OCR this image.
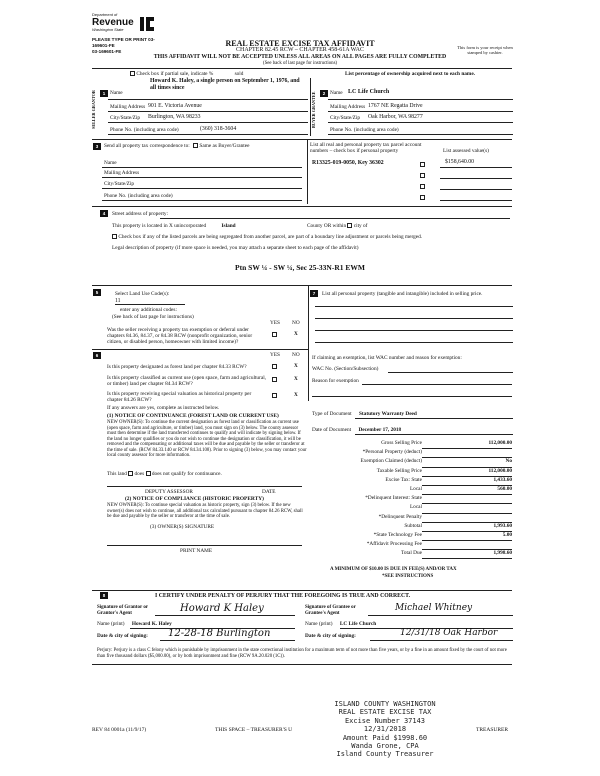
Department of
Revenue
Washington State
PLEASE TYPE OR PRINT 03-
169601-FE
03-169601-FE
REAL ESTATE EXCISE TAX AFFIDAVIT
CHAPTER 82.45 RCW – CHAPTER 458-61A WAC
THIS AFFIDAVIT WILL NOT BE ACCEPTED UNLESS ALL AREAS ON ALL PAGES ARE FULLY COMPLETED
(See back of last page for instructions)
This form is your receipt when stamped by cashier.
Check box if partial sale, indicate %	sold	List percentage of ownership acquired next to each name.
SELLER GRANTOR	1 Name
Howard K. Haley, a single person on September 1, 1976, and all times since
Mailing Address 901 E. Victoria Avenue
City/State/Zip Burlington, WA 98233
Phone No. (including area code)	(360) 318-3604
BUYER GRANTEE	2 Name LC Life Church
Mailing Address 1767 NE Regatta Drive
City/State/Zip Oak Harbor, WA 98277
Phone No. (including area code)
3	Send all property tax correspondence to: Same as Buyer/Grantee
Name
Mailing Address
City/State/Zip
Phone No. (including area code)
List all real and personal property tax parcel account numbers – check box if personal property	List assessed value(s)
R13325-019-0050, Key 36302	$158,640.00

4	Street address of property:
This property is located in X unincorporated	Island	County OR within city of
Check box if any of the listed parcels are being segregated from another parcel, are part of a boundary line adjustment or parcels being merged.
Legal description of property (if more space is needed, you may attach a separate sheet to each page of the affidavit)
Ptn SW ¼ - SW ¼, Sec 25-33N-R1 EWM
5	Select Land Use Code(s):
11
enter any additional codes:
(See back of last page for instructions)
YES NO
Was the seller receiving a property tax exemption or deferral under chapters 84.36, 84.37, or 84.38 RCW (nonprofit organization, senior citizen, or disabled person, homeowner with limited income)?
X
7	List all personal property (tangible and intangible) included in selling price.
6	YES NO
Is this property designated as forest land per chapter 84.33 RCW?	X
Is this property classified as current use (open space, farm and agricultural, or timber) land per chapter 84.34 RCW?
X
Is this property receiving special valuation as historical property per chapter 84.26 RCW?
X
If any answers are yes, complete as instructed below.
(1) NOTICE OF CONTINUANCE (FOREST LAND OR CURRENT USE)
NEW OWNER(S): To continue the current designation as forest land or classification as current use (open space, farm and agriculture, or timber) land, you must sign on (3) below. The county assessor must then determine if the land transferred continues to qualify and will indicate by signing below. If the land no longer qualifies or you do not wish to continue the designation or classification, it will be removed and the compensating or additional taxes will be due and payable by the seller or transferor at the time of sale. (RCW 84.33.140 or RCW 84.34.108). Prior to signing (3) below, you may contact your local county assessor for more information.
This land does does not qualify for continuance.
DEPUTY ASSESSOR	DATE
(2) NOTICE OF COMPLIANCE (HISTORIC PROPERTY)
NEW OWNER(S): To continue special valuation as historic property, sign (3) below. If the new owner(s) does not wish to continue, all additional tax calculated pursuant to chapter 84.26 RCW, shall be due and payable by the seller or transferor at the time of sale.
(3) OWNER(S) SIGNATURE
PRINT NAME
If claiming an exemption, list WAC number and reason for exemption:
WAC No. (Section/Subsection)
Reason for exemption
Type of Document Statutory Warranty Deed
Date of Document December 17, 2018
Gross Selling Price	112,000.00
*Personal Property (deduct)
Exemption Claimed (deduct)	No
Taxable Selling Price	112,000.00
Excise Tax: State	1,433.60
Local	560.00
*Delinquent Interest: State
Local
*Delinquent Penalty
Subtotal	1,993.60
*State Technology Fee	5.00
*Affidavit Processing Fee
Total Due	1,998.60
A MINIMUM OF $10.00 IS DUE IN FEE(S) AND/OR TAX
*SEE INSTRUCTIONS
8	I CERTIFY UNDER PENALTY OF PERJURY THAT THE FOREGOING IS TRUE AND CORRECT.
Signature of Grantor or Grantor's Agent	Howard K Haley
Name (print) Howard K. Haley
Date & city of signing: 12-28-18 Burlington
Signature of Grantee or Grantee's Agent
Michael Whitney
Name (print) LC Life Church
Date & city of signing:	12/31/18 Oak Harbor
Perjury: Perjury is a class C felony which is punishable by imprisonment in the state correctional institution for a maximum term of not more than five years, or by a fine in an amount fixed by the court of not more than five thousand dollars ($5,000.00), or by both imprisonment and fine (RCW 9A.20.020 (1C)).
ISLAND COUNTY WASHINGTON
REAL ESTATE EXCISE TAX
Excise Number 37143
12/31/2018
Amount Paid $1998.60
Wanda Grone, CPA
Island County Treasurer
REV 84 0001a (11/9/17)	THIS SPACE – TREASURER'S U	TREASURER
